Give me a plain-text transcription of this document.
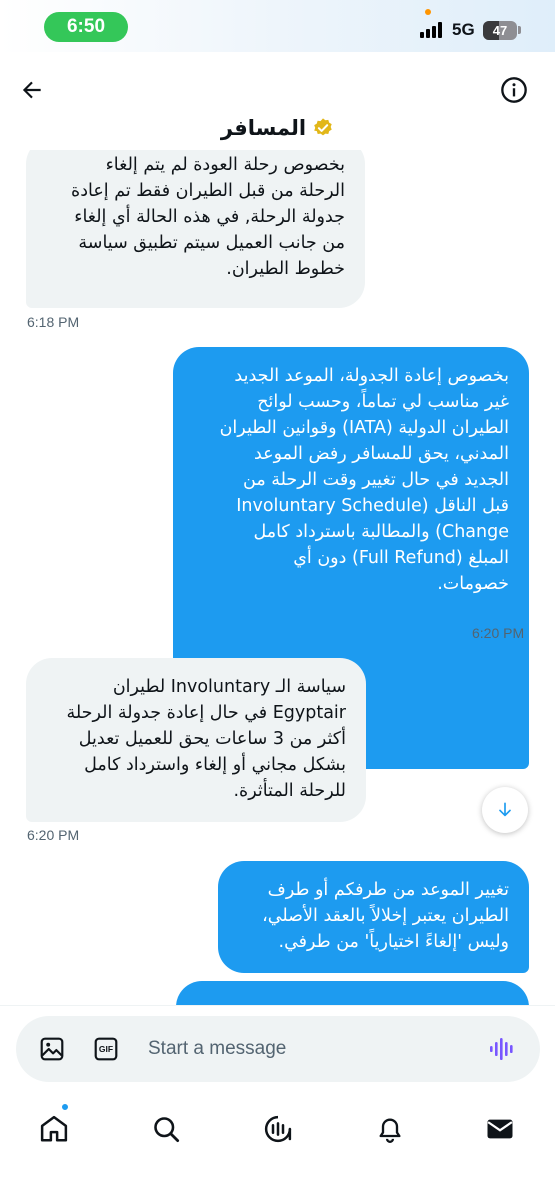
6:50	5G 47
المسافر
بخصوص رحلة العودة لم يتم إلغاء
الرحلة من قبل الطيران فقط تم إعادة
جدولة الرحلة, في هذه الحالة أي إلغاء
من جانب العميل سيتم تطبيق سياسة
خطوط الطيران.
6:18 PM
بخصوص إعادة الجدولة، الموعد الجديد
غير مناسب لي تماماً، وحسب لوائح
الطيران الدولية (IATA) وقوانين الطيران
المدني، يحق للمسافر رفض الموعد
الجديد في حال تغيير وقت الرحلة من
قبل الناقل (Involuntary Schedule
Change) والمطالبة باسترداد كامل
المبلغ (Full Refund) دون أي
خصومات.
6:20 PM
سياسة الـ Involuntary لطيران
Egyptair في حال إعادة جدولة الرحلة
أكثر من 3 ساعات يحق للعميل تعديل
بشكل مجاني أو إلغاء واسترداد كامل
للرحلة المتأثرة.
6:20 PM
تغيير الموعد من طرفكم أو طرف
الطيران يعتبر إخلالاً بالعقد الأصلي،
وليس 'إلغاءً اختيارياً' من طرفي.
GIF
Start a message
